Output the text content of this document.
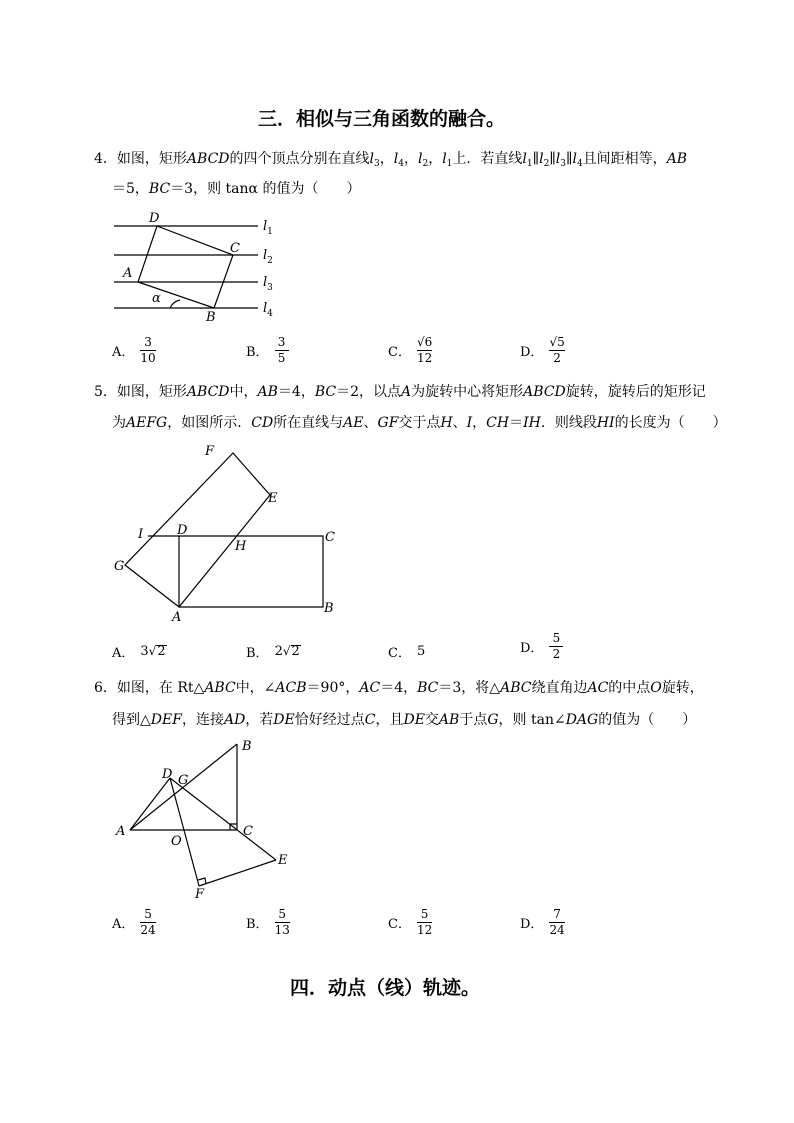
三．相似与三角函数的融合。
4．如图，矩形ABCD的四个顶点分别在直线$l_3$，$l_4$，$l_2$，$l_1$上．若直线$l_1\parallel l_2\parallel l_3\parallel l_4$且间距相等，AB
＝5，BC＝3，则 tanα 的值为（　　）
D
C
A
B
α
$l_1$
$l_2$
$l_3$
$l_4$
A． $\frac{3}{10}$	B． $\frac{3}{5}$	C． $\frac{√6}{12}$	D． $\frac{√5}{2}$
5．如图，矩形ABCD中，AB＝4，BC＝2，以点A为旋转中心将矩形ABCD旋转，旋转后的矩形记
为AEFG，如图所示．CD所在直线与AE、GF交于点H、I，CH＝IH．则线段HI的长度为（　　）
F
E
I	D
H
C
G
A
B
A． 3 √ 2	B． 2 √ 2	C． 5	D． $\frac{5}{2}$
6．如图，在 Rt△ABC中，∠ACB＝90°，AC＝4，BC＝3，将△ABC绕直角边AC的中点O旋转，
得到△DEF，连接AD，若DE恰好经过点C，且DE交AB于点G，则 tan∠DAG的值为（　　）
B
D G
A
O
C
E
F
A． $\frac{5}{24}$	B． $\frac{5}{13}$	C． $\frac{5}{12}$	D． $\frac{7}{24}$
四．动点（线）轨迹。
